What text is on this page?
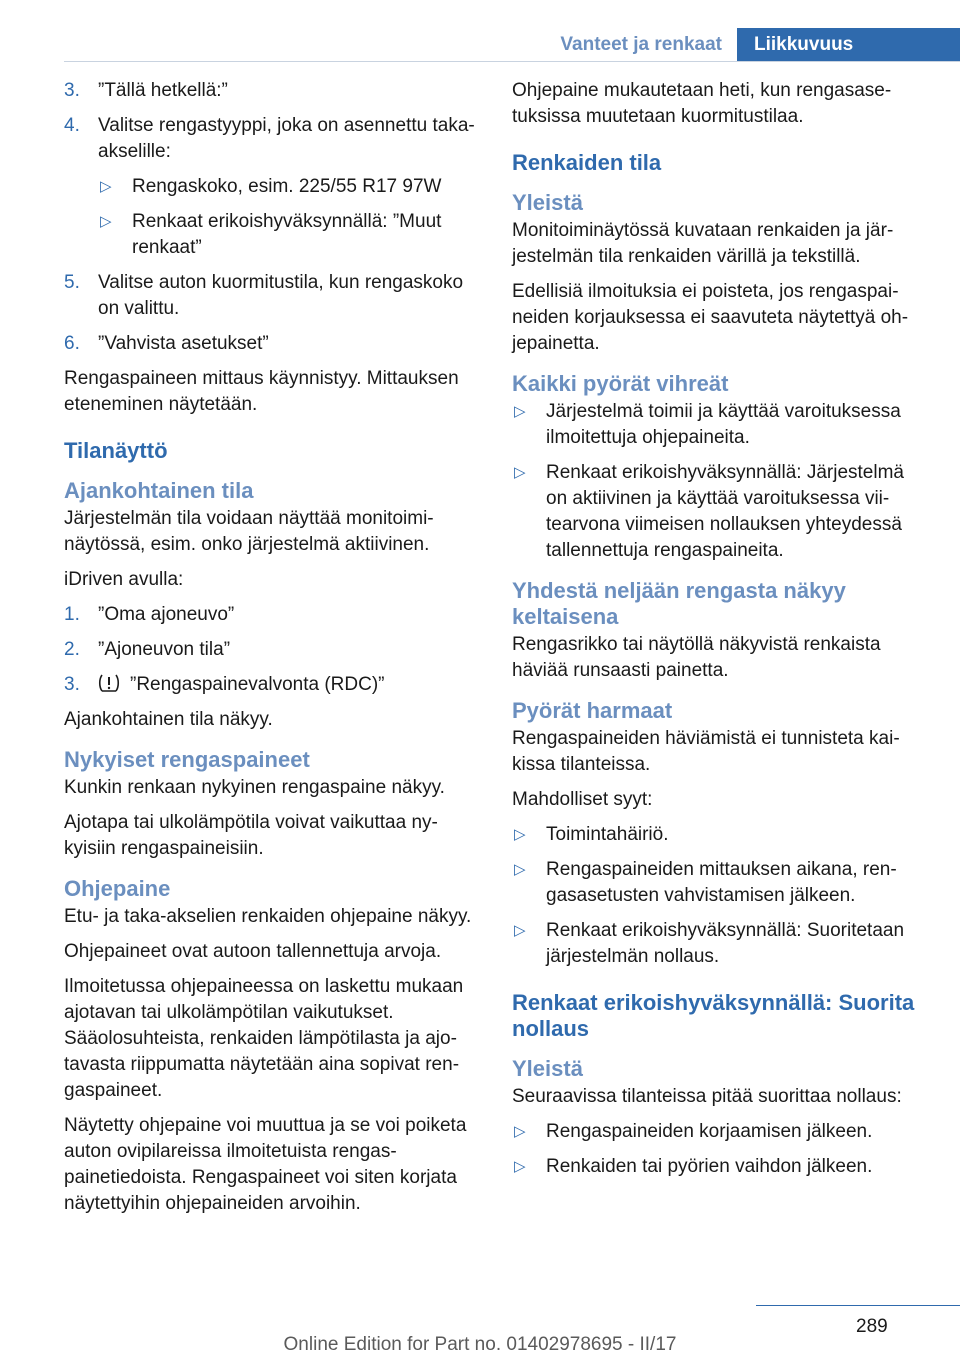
Vanteet ja renkaat	Liikkuvuus
3. ”Tällä hetkellä:”
4. Valitse rengastyyppi, joka on asennettu taka-akselille:
▷ Rengaskoko, esim. 225/55 R17 97W
▷ Renkaat erikoishyväksynnällä: ”Muut renkaat”
5. Valitse auton kuormitustila, kun rengaskoko on valittu.
6. ”Vahvista asetukset”

Rengaspaineen mittaus käynnistyy. Mittauksen eteneminen näytetään.

Tilanäyttö
Ajankohtainen tila

Järjestelmän tila voidaan näyttää monitoiminäytössä, esim. onko järjestelmä aktiivinen.

iDriven avulla:

1. ”Oma ajoneuvo”
2. ”Ajoneuvon tila”
3.	”Rengaspainevalvonta (RDC)”

Ajankohtainen tila näkyy.

Nykyiset rengaspaineet

Kunkin renkaan nykyinen rengaspaine näkyy.

Ajotapa tai ulkolämpötila voivat vaikuttaa nykyisiin rengaspaineisiin.

Ohjepaine

Etu- ja taka-akselien renkaiden ohjepaine näkyy.

Ohjepaineet ovat autoon tallennettuja arvoja.

Ilmoitetussa ohjepaineessa on laskettu mukaan ajotavan tai ulkolämpötilan vaikutukset. Sääolosuhteista, renkaiden lämpötilasta ja ajotavasta riippumatta näytetään aina sopivat rengaspaineet.

Näytetty ohjepaine voi muuttua ja se voi poiketa auton ovipilareissa ilmoitetuista rengaspainetiedoista. Rengaspaineet voi siten korjata näytettyihin ohjepaineiden arvoihin.

Ohjepaine mukautetaan heti, kun rengasasetuksissa muutetaan kuormitustilaa.

Renkaiden tila
Yleistä

Monitoiminäytössä kuvataan renkaiden ja järjestelmän tila renkaiden värillä ja tekstillä.

Edellisiä ilmoituksia ei poisteta, jos rengaspaineiden korjauksessa ei saavuteta näytettyä ohjepainetta.

Kaikki pyörät vihreät
▷ Järjestelmä toimii ja käyttää varoituksessa ilmoitettuja ohjepaineita.
▷ Renkaat erikoishyväksynnällä: Järjestelmä on aktiivinen ja käyttää varoituksessa viitearvona viimeisen nollauksen yhteydessä tallennettuja rengaspaineita.
Yhdestä neljään rengasta näkyy keltaisena

Rengasrikko tai näytöllä näkyvistä renkaista häviää runsaasti painetta.

Pyörät harmaat

Rengaspaineiden häviämistä ei tunnisteta kaikissa tilanteissa.

Mahdolliset syyt:

▷ Toimintahäiriö.
▷ Rengaspaineiden mittauksen aikana, rengasasetusten vahvistamisen jälkeen.
▷ Renkaat erikoishyväksynnällä: Suoritetaan järjestelmän nollaus.
Renkaat erikoishyväksynnällä: Suorita nollaus
Yleistä

Seuraavissa tilanteissa pitää suorittaa nollaus:

▷ Rengaspaineiden korjaamisen jälkeen.
▷ Renkaiden tai pyörien vaihdon jälkeen.
289
Online Edition for Part no. 01402978695 - II/17
